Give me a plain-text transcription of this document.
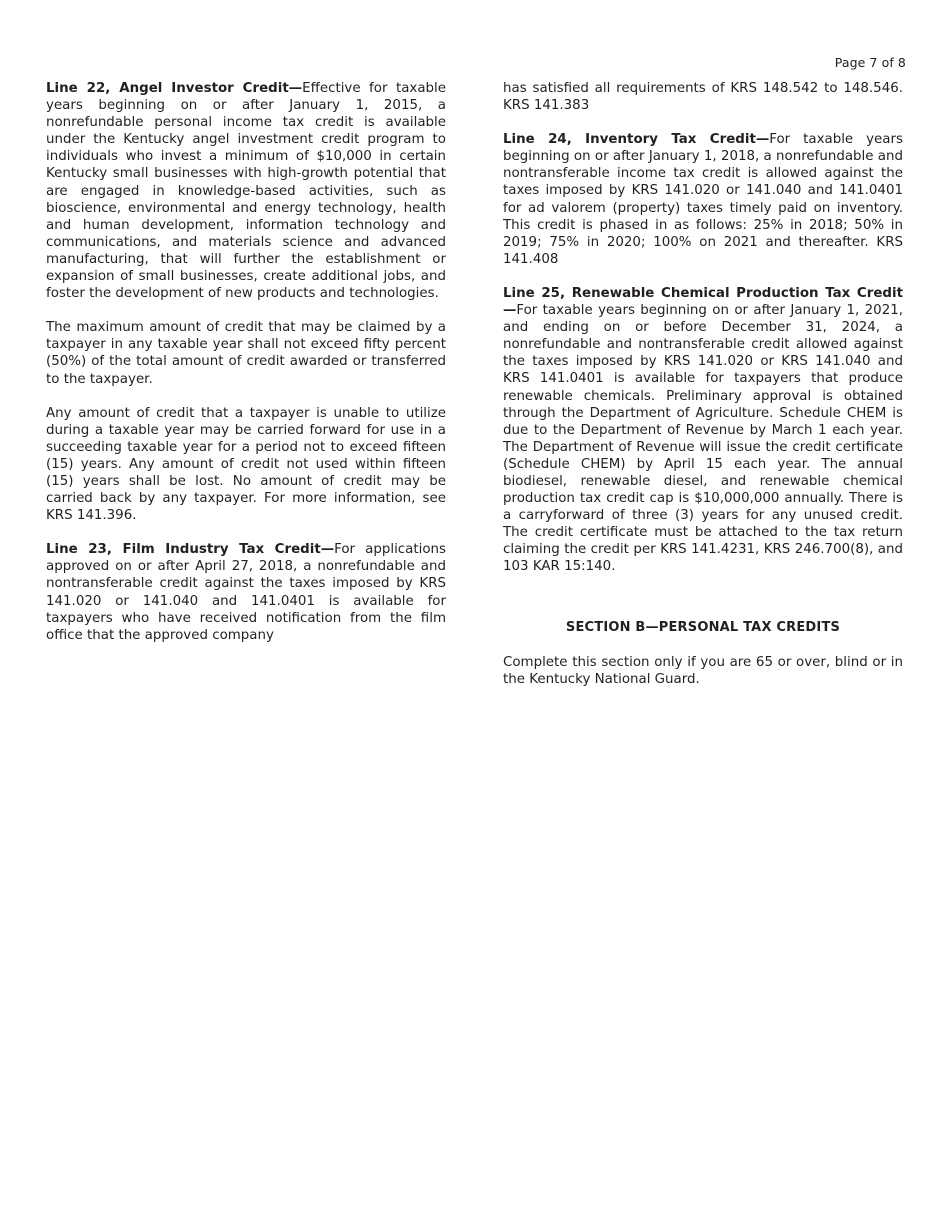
Page 7 of 8

Line 22, Angel Investor Credit—Effective for taxable years beginning on or after January 1, 2015, a nonrefundable personal income tax credit is available under the Kentucky angel investment credit program to individuals who invest a minimum of $10,000 in certain Kentucky small businesses with high-growth potential that are engaged in knowledge-based activities, such as bioscience, environmental and energy technology, health and human development, information technology and communications, and materials science and advanced manufacturing, that will further the establishment or expansion of small businesses, create additional jobs, and foster the development of new products and technologies.

The maximum amount of credit that may be claimed by a taxpayer in any taxable year shall not exceed fifty percent (50%) of the total amount of credit awarded or transferred to the taxpayer.

Any amount of credit that a taxpayer is unable to utilize during a taxable year may be carried forward for use in a succeeding taxable year for a period not to exceed fifteen (15) years. Any amount of credit not used within fifteen (15) years shall be lost. No amount of credit may be carried back by any taxpayer. For more information, see KRS 141.396.

Line 23, Film Industry Tax Credit—For applications approved on or after April 27, 2018, a nonrefundable and nontransferable credit against the taxes imposed by KRS 141.020 or 141.040 and 141.0401 is available for taxpayers who have received notification from the film office that the approved company

has satisfied all requirements of KRS 148.542 to 148.546. KRS 141.383

Line 24, Inventory Tax Credit—For taxable years beginning on or after January 1, 2018, a nonrefundable and nontransferable income tax credit is allowed against the taxes imposed by KRS 141.020 or 141.040 and 141.0401 for ad valorem (property) taxes timely paid on inventory. This credit is phased in as follows: 25% in 2018; 50% in 2019; 75% in 2020; 100% on 2021 and thereafter. KRS 141.408

Line 25, Renewable Chemical Production Tax Credit—For taxable years beginning on or after January 1, 2021, and ending on or before December 31, 2024, a nonrefundable and nontransferable credit allowed against the taxes imposed by KRS 141.020 or KRS 141.040 and KRS 141.0401 is available for taxpayers that produce renewable chemicals. Preliminary approval is obtained through the Department of Agriculture. Schedule CHEM is due to the Department of Revenue by March 1 each year. The Department of Revenue will issue the credit certificate (Schedule CHEM) by April 15 each year. The annual biodiesel, renewable diesel, and renewable chemical production tax credit cap is $10,000,000 annually. There is a carryforward of three (3) years for any unused credit. The credit certificate must be attached to the tax return claiming the credit per KRS 141.4231, KRS 246.700(8), and 103 KAR 15:140.

SECTION B—PERSONAL TAX CREDITS

Complete this section only if you are 65 or over, blind or in the Kentucky National Guard.
